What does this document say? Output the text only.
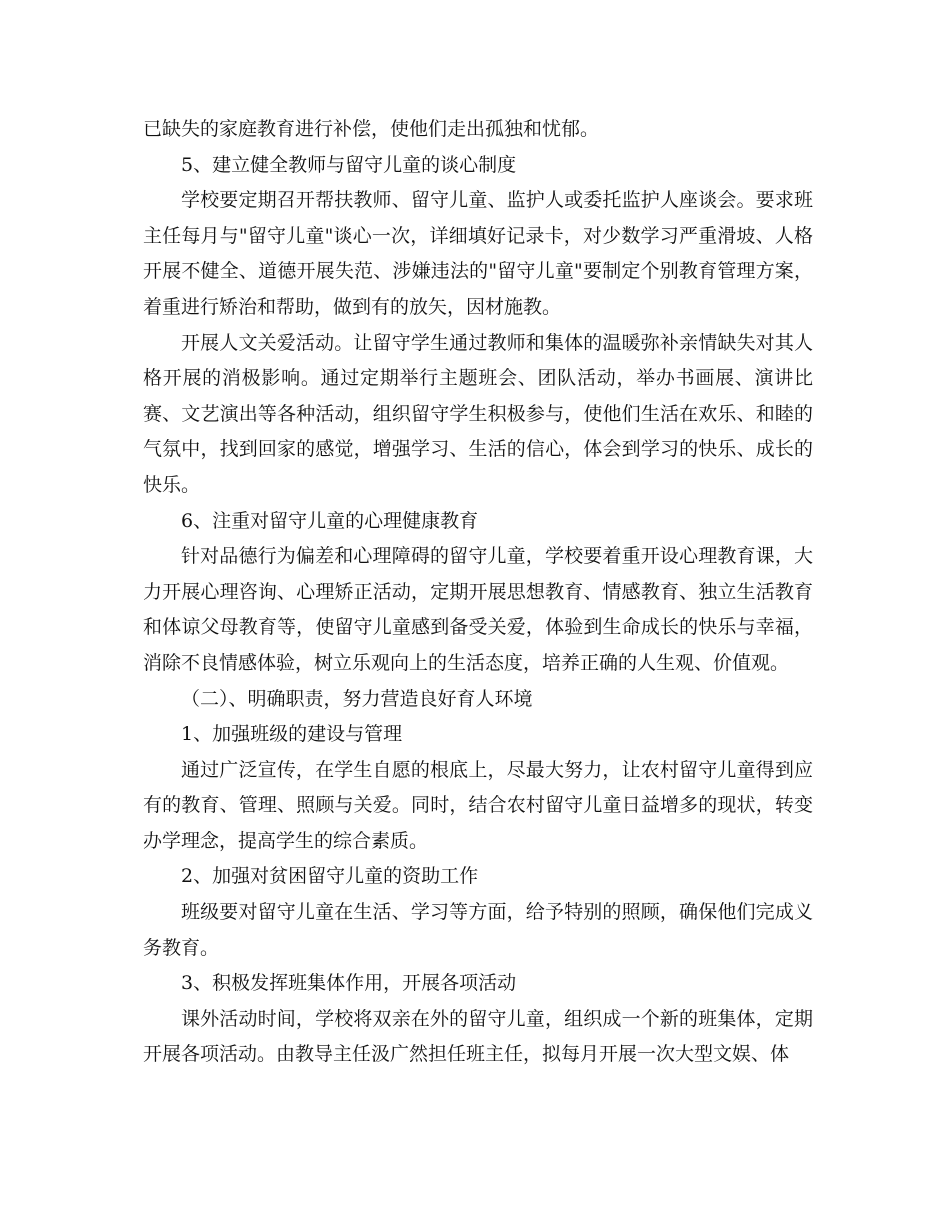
已缺失的家庭教育进行补偿，使他们走出孤独和忧郁。

5、建立健全教师与留守儿童的谈心制度

学校要定期召开帮扶教师、留守儿童、监护人或委托监护人座谈会。要求班主任每月与"留守儿童"谈心一次，详细填好记录卡，对少数学习严重滑坡、人格开展不健全、道德开展失范、涉嫌违法的"留守儿童"要制定个别教育管理方案，着重进行矫治和帮助，做到有的放矢，因材施教。

开展人文关爱活动。让留守学生通过教师和集体的温暖弥补亲情缺失对其人格开展的消极影响。通过定期举行主题班会、团队活动，举办书画展、演讲比赛、文艺演出等各种活动，组织留守学生积极参与，使他们生活在欢乐、和睦的气氛中，找到回家的感觉，增强学习、生活的信心，体会到学习的快乐、成长的快乐。

6、注重对留守儿童的心理健康教育

针对品德行为偏差和心理障碍的留守儿童，学校要着重开设心理教育课，大力开展心理咨询、心理矫正活动，定期开展思想教育、情感教育、独立生活教育和体谅父母教育等，使留守儿童感到备受关爱，体验到生命成长的快乐与幸福，消除不良情感体验，树立乐观向上的生活态度，培养正确的人生观、价值观。

（二）、明确职责，努力营造良好育人环境

1、加强班级的建设与管理

通过广泛宣传，在学生自愿的根底上，尽最大努力，让农村留守儿童得到应有的教育、管理、照顾与关爱。同时，结合农村留守儿童日益增多的现状，转变办学理念，提高学生的综合素质。

2、加强对贫困留守儿童的资助工作

班级要对留守儿童在生活、学习等方面，给予特别的照顾，确保他们完成义务教育。

3、积极发挥班集体作用，开展各项活动

课外活动时间，学校将双亲在外的留守儿童，组织成一个新的班集体，定期开展各项活动。由教导主任汲广然担任班主任，拟每月开展一次大型文娱、体
